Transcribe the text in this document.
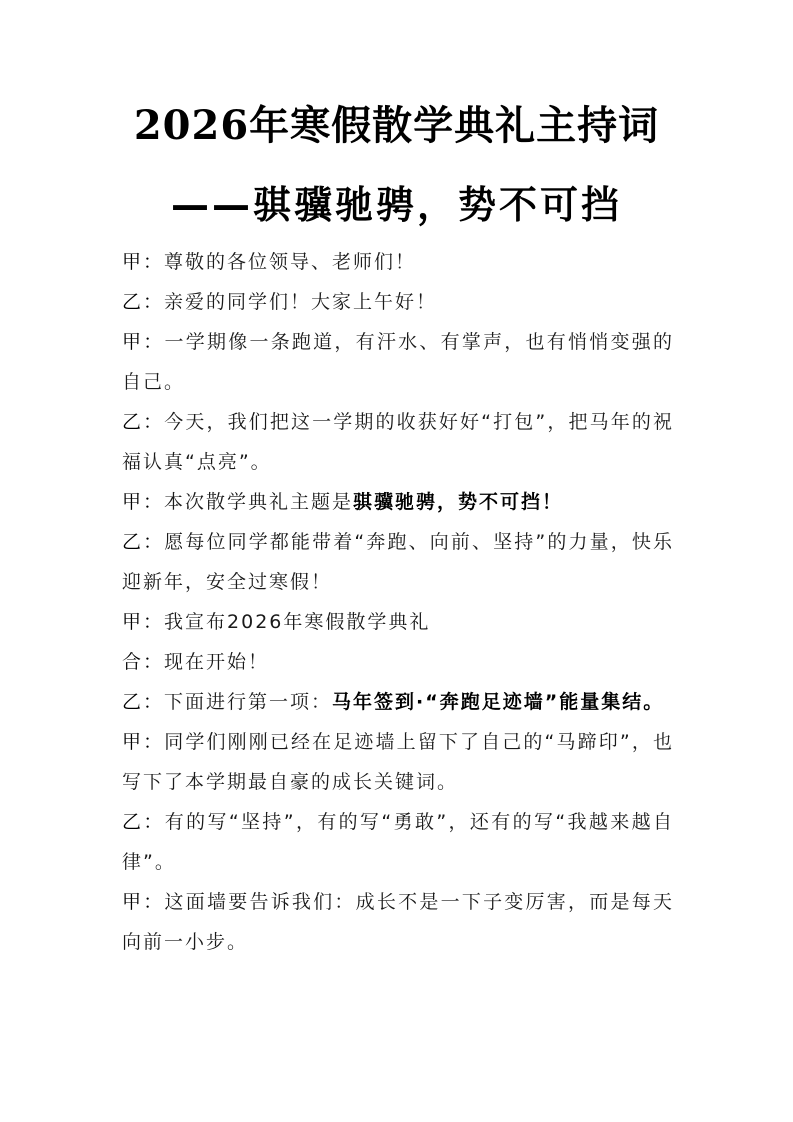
2026年寒假散学典礼主持词
——骐骥驰骋，势不可挡

甲：尊敬的各位领导、老师们！

乙：亲爱的同学们！大家上午好！

甲：一学期像一条跑道，有汗水、有掌声，也有悄悄变强的自己。

乙：今天，我们把这一学期的收获好好“打包”，把马年的祝福认真“点亮”。

甲：本次散学典礼主题是骐骥驰骋，势不可挡！

乙：愿每位同学都能带着“奔跑、向前、坚持”的力量，快乐迎新年，安全过寒假！

甲：我宣布2026年寒假散学典礼

合：现在开始！

乙：下面进行第一项：马年签到·“奔跑足迹墙”能量集结。

甲：同学们刚刚已经在足迹墙上留下了自己的“马蹄印”，也写下了本学期最自豪的成长关键词。

乙：有的写“坚持”，有的写“勇敢”，还有的写“我越来越自律”。

甲：这面墙要告诉我们：成长不是一下子变厉害，而是每天向前一小步。
